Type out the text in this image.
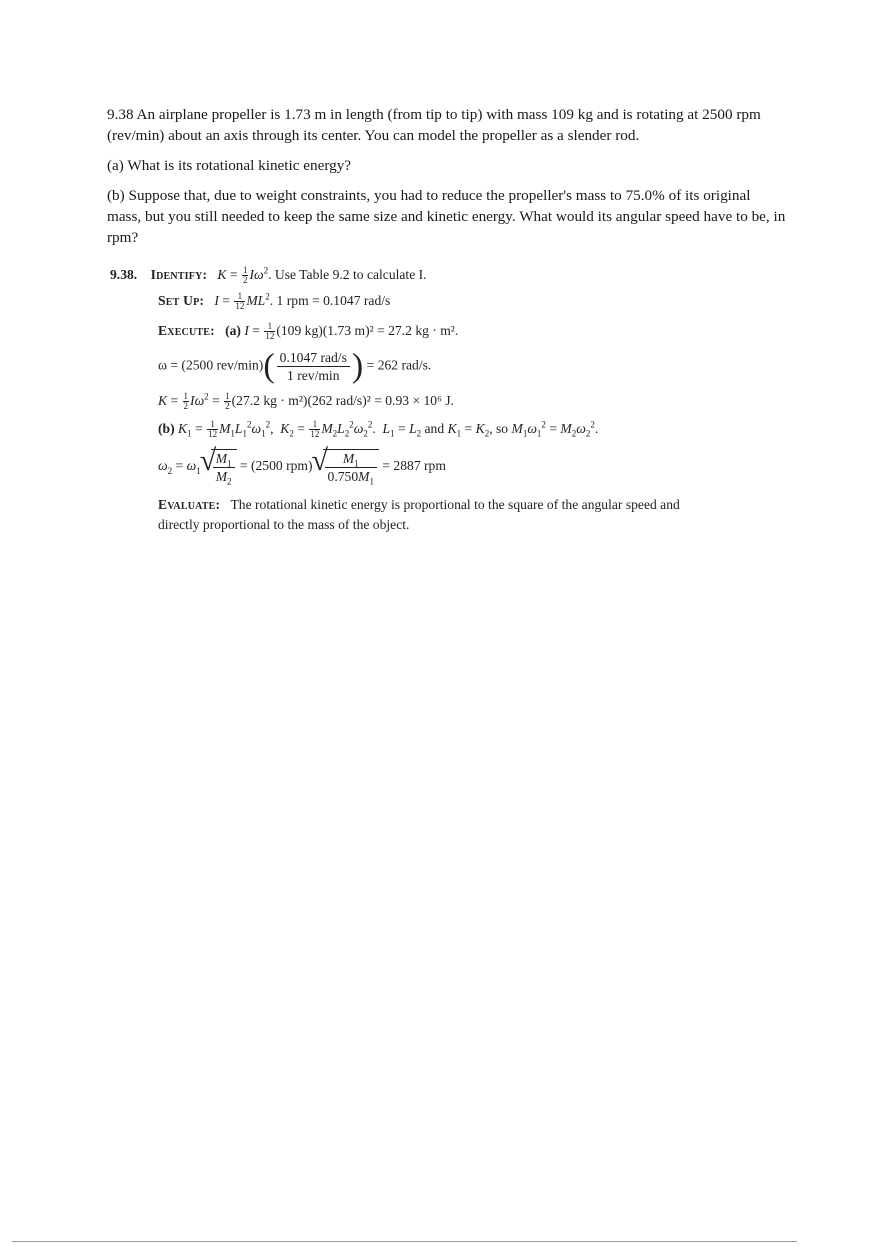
9.38 An airplane propeller is 1.73 m in length (from tip to tip) with mass 109 kg and is rotating at 2500 rpm (rev/min) about an axis through its center. You can model the propeller as a slender rod.

(a) What is its rotational kinetic energy?

(b) Suppose that, due to weight constraints, you had to reduce the propeller's mass to 75.0% of its original mass, but you still needed to keep the same size and kinetic energy. What would its angular speed have to be, in rpm?

9.38. Identify: $K = \frac{1}{2} I\omega^2$. Use Table 9.2 to calculate I.
Set Up: $I = \frac{1}{12} ML^2$. 1 rpm = 0.1047 rad/s
Execute: (a) $I = \frac{1}{12} (109$ kg)(1.73 m)² = 27.2 kg · m².
ω = (2500 rev/min)( 0.1047 rad/s
1 rev/min ) = 262 rad/s.
$K = \frac{1}{2} I\omega^2 = \frac{1}{2} (27.2$ kg · m²)(262 rad/s)² = 0.93 × 10⁶ J.
(b) $K_1 = \frac{1}{12} M_1L_1^2\omega_1^2$,  $K_2 = \frac{1}{12} M_2L_2^2\omega_2^2$.  $L_1 = L_2$ and $K_1 = K_2$, so $M_1\omega_1^2 = M_2\omega_2^2$.
$\omega_2 = \omega_1$ √ $\frac{M_1}{M_2} = (2500$ rpm) √ $\frac{M_1}{0.750M_1} = 2887$ rpm
Evaluate: The rotational kinetic energy is proportional to the square of the angular speed and
directly proportional to the mass of the object.
